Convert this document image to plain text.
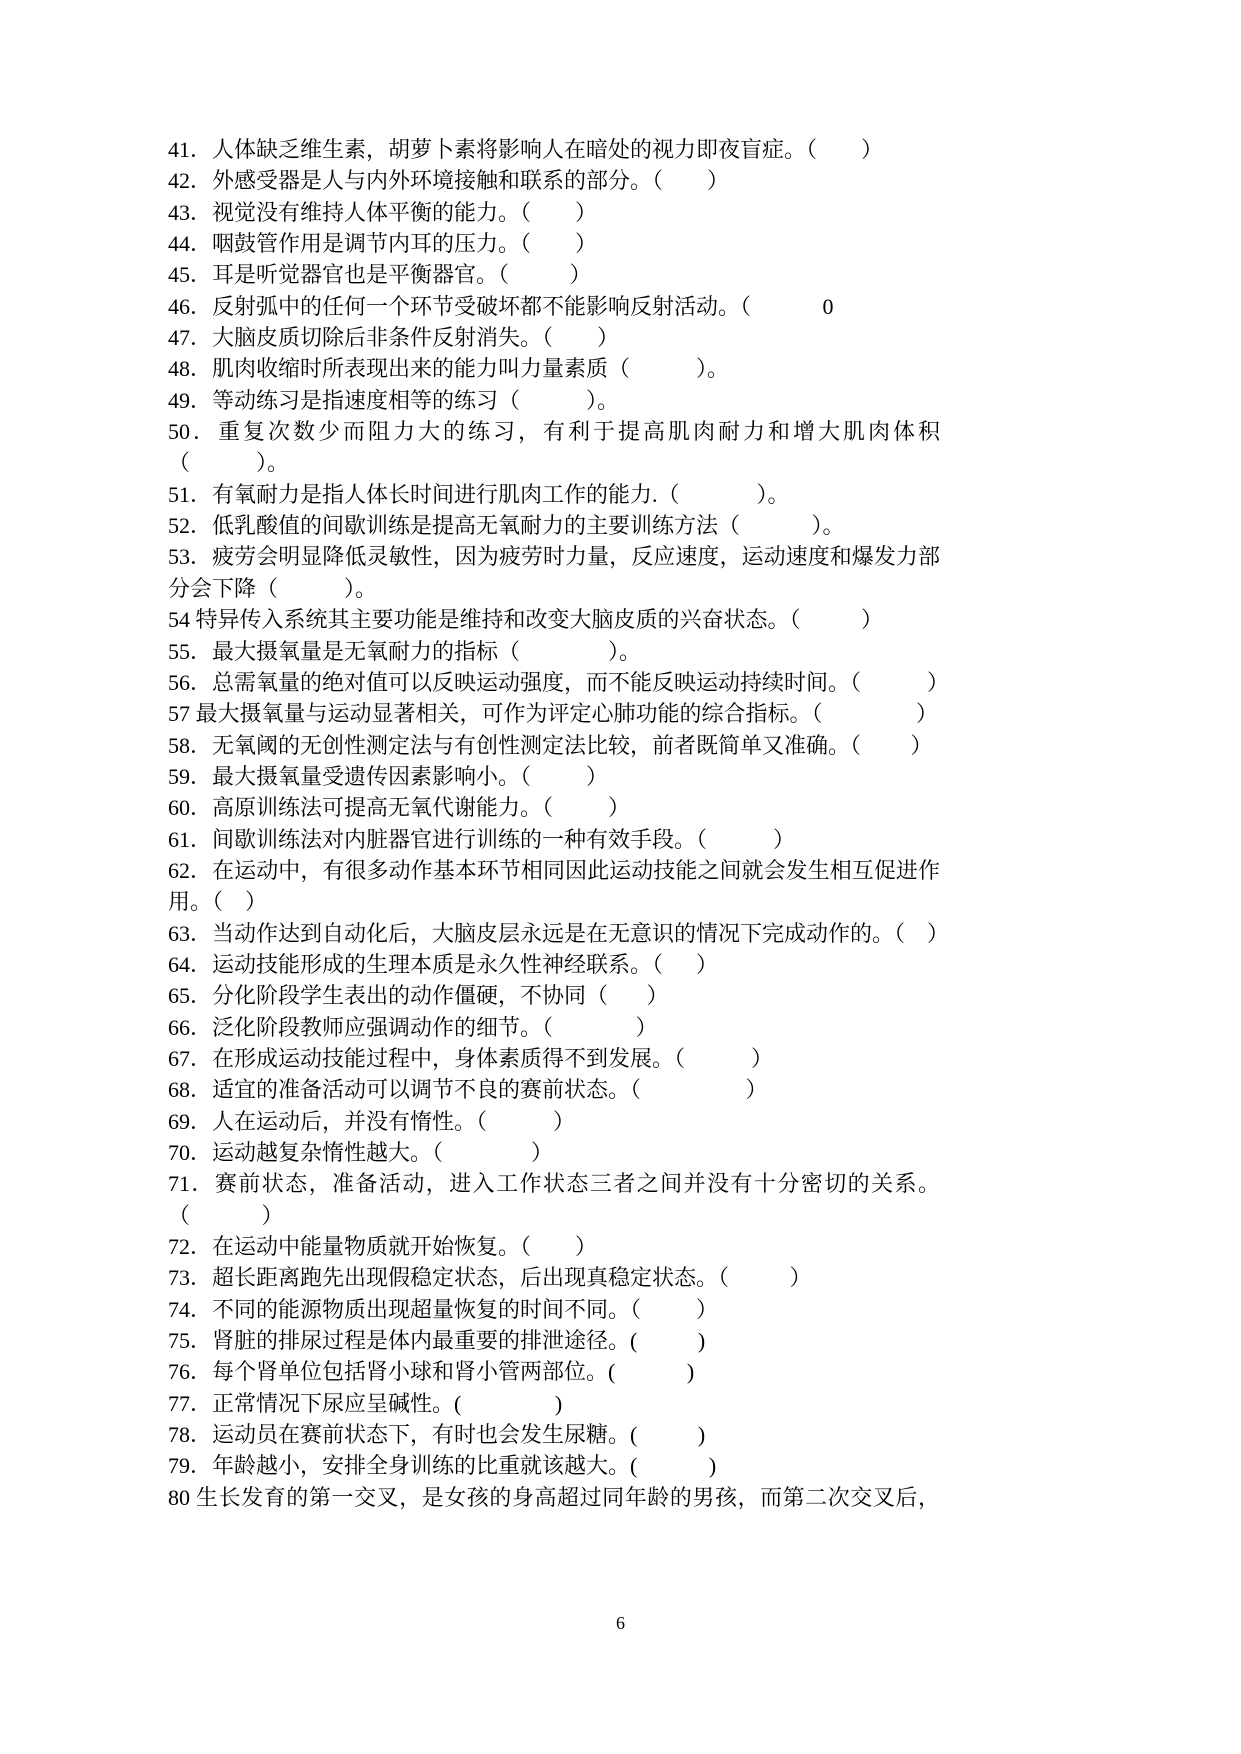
41．人体缺乏维生素，胡萝卜素将影响人在暗处的视力即夜盲症。（        ）
42．外感受器是人与内外环境接触和联系的部分。（        ）
43．视觉没有维持人体平衡的能力。（        ）
44．咽鼓管作用是调节内耳的压力。（        ）
45．耳是听觉器官也是平衡器官。（           ）
46．反射弧中的任何一个环节受破坏都不能影响反射活动。（             0
47．大脑皮质切除后非条件反射消失。（        ）
48．肌肉收缩时所表现出来的能力叫力量素质（            ）。
49．等动练习是指速度相等的练习（            ）。
50．重复次数少而阻力大的练习，有利于提高肌肉耐力和增大肌肉体积
（            ）。
51．有氧耐力是指人体长时间进行肌肉工作的能力.（              ）。
52．低乳酸值的间歇训练是提高无氧耐力的主要训练方法（             ）。
53．疲劳会明显降低灵敏性，因为疲劳时力量，反应速度，运动速度和爆发力部
分会下降（            ）。
54 特异传入系统其主要功能是维持和改变大脑皮质的兴奋状态。（           ）
55．最大摄氧量是无氧耐力的指标（                ）。
56．总需氧量的绝对值可以反映运动强度，而不能反映运动持续时间。（            ）
57 最大摄氧量与运动显著相关，可作为评定心肺功能的综合指标。（                 ）
58．无氧阈的无创性测定法与有创性测定法比较，前者既简单又准确。（         ）
59．最大摄氧量受遗传因素影响小。（          ）
60．高原训练法可提高无氧代谢能力。（          ）
61．间歇训练法对内脏器官进行训练的一种有效手段。（            ）
62．在运动中，有很多动作基本环节相同因此运动技能之间就会发生相互促进作
用。（    ）
63．当动作达到自动化后，大脑皮层永远是在无意识的情况下完成动作的。（    ）
64．运动技能形成的生理本质是永久性神经联系。（      ）
65．分化阶段学生表出的动作僵硬，不协同（       ）
66．泛化阶段教师应强调动作的细节。（               ）
67．在形成运动技能过程中，身体素质得不到发展。（            ）
68．适宜的准备活动可以调节不良的赛前状态。（                   ）
69．人在运动后，并没有惰性。（            ）
70．运动越复杂惰性越大。（                ）
71．赛前状态，准备活动，进入工作状态三者之间并没有十分密切的关系。
（             ）
72．在运动中能量物质就开始恢复。（        ）
73．超长距离跑先出现假稳定状态，后出现真稳定状态。（           ）
74．不同的能源物质出现超量恢复的时间不同。（          ）
75．肾脏的排尿过程是体内最重要的排泄途径。(           )
76．每个肾单位包括肾小球和肾小管两部位。(             )
77．正常情况下尿应呈碱性。(                 )
78．运动员在赛前状态下，有时也会发生尿糖。(           )
79．年龄越小，安排全身训练的比重就该越大。(             )
80 生长发育的第一交叉，是女孩的身高超过同年龄的男孩，而第二次交叉后，
6
